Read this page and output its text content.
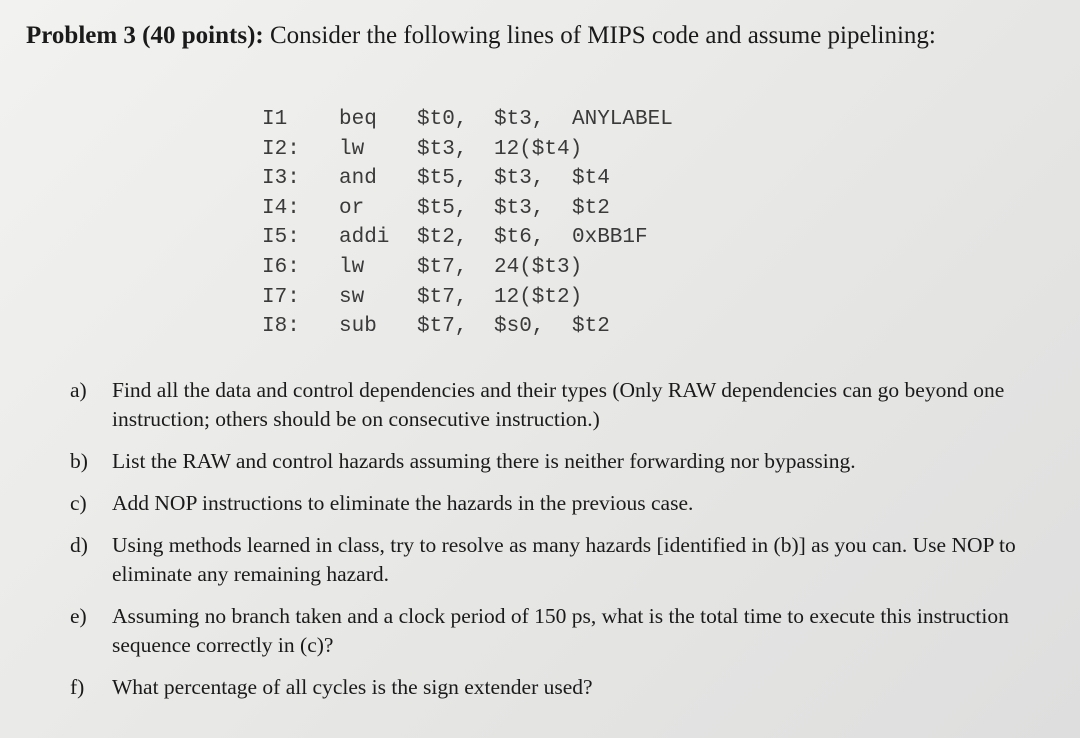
Problem 3 (40 points): Consider the following lines of MIPS code and assume pipelining:
I1 beq $t0, $t3, ANYLABEL
I2: lw	$t3, 12($t4)
I3: and $t5, $t3, $t4
I4: or	$t5, $t3, $t2
I5: addi $t2, $t6, 0xBB1F
I6: lw	$t7, 24($t3)
I7: sw	$t7, 12($t2)
I8: sub $t7, $s0, $t2
a) Find all the data and control dependencies and their types (Only RAW dependencies can go beyond one instruction; others should be on consecutive instruction.)
b) List the RAW and control hazards assuming there is neither forwarding nor bypassing.
c) Add NOP instructions to eliminate the hazards in the previous case.
d) Using methods learned in class, try to resolve as many hazards [identified in (b)] as you can. Use NOP to eliminate any remaining hazard.
e) Assuming no branch taken and a clock period of 150 ps, what is the total time to execute this instruction sequence correctly in (c)?
f) What percentage of all cycles is the sign extender used?
